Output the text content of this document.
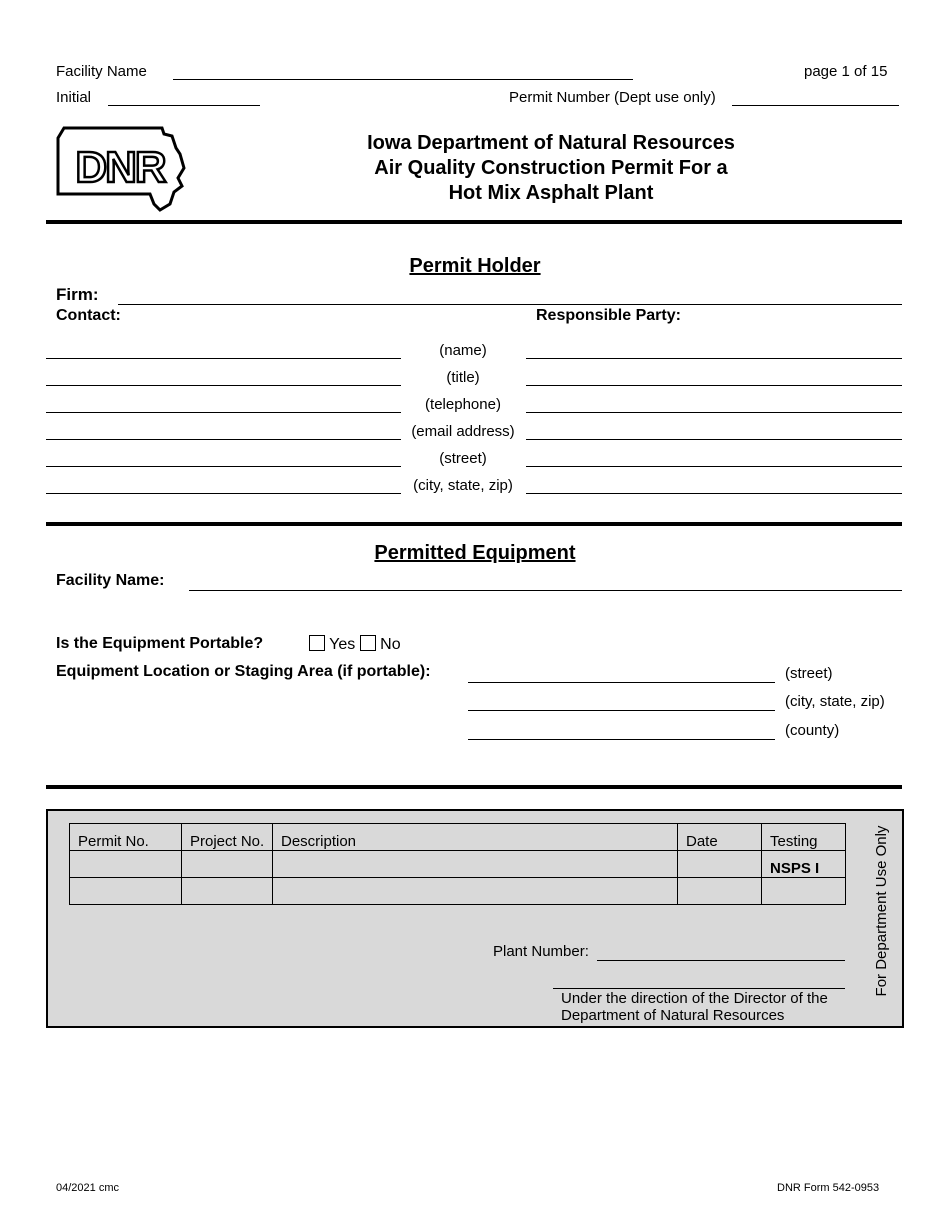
Facility Name	page 1 of 15
Initial	Permit Number (Dept use only)
DNR	Iowa Department of Natural Resources
Air Quality Construction Permit For a
Hot Mix Asphalt Plant
Permit Holder
Firm:
Contact:	Responsible Party:
(name)
(title)
(telephone)
(email address)
(street)
(city, state, zip)
Permitted Equipment
Facility Name:
Is the Equipment Portable?	Yes No
Equipment Location or Staging Area (if portable):	(street)
(city, state, zip)
(county)
Permit No.	Project No.	Description	Date	Testing
				NSPS I

Plant Number:
Under the direction of the Director of the
Department of Natural Resources
For Department Use Only
04/2021 cmc	DNR Form 542-0953
